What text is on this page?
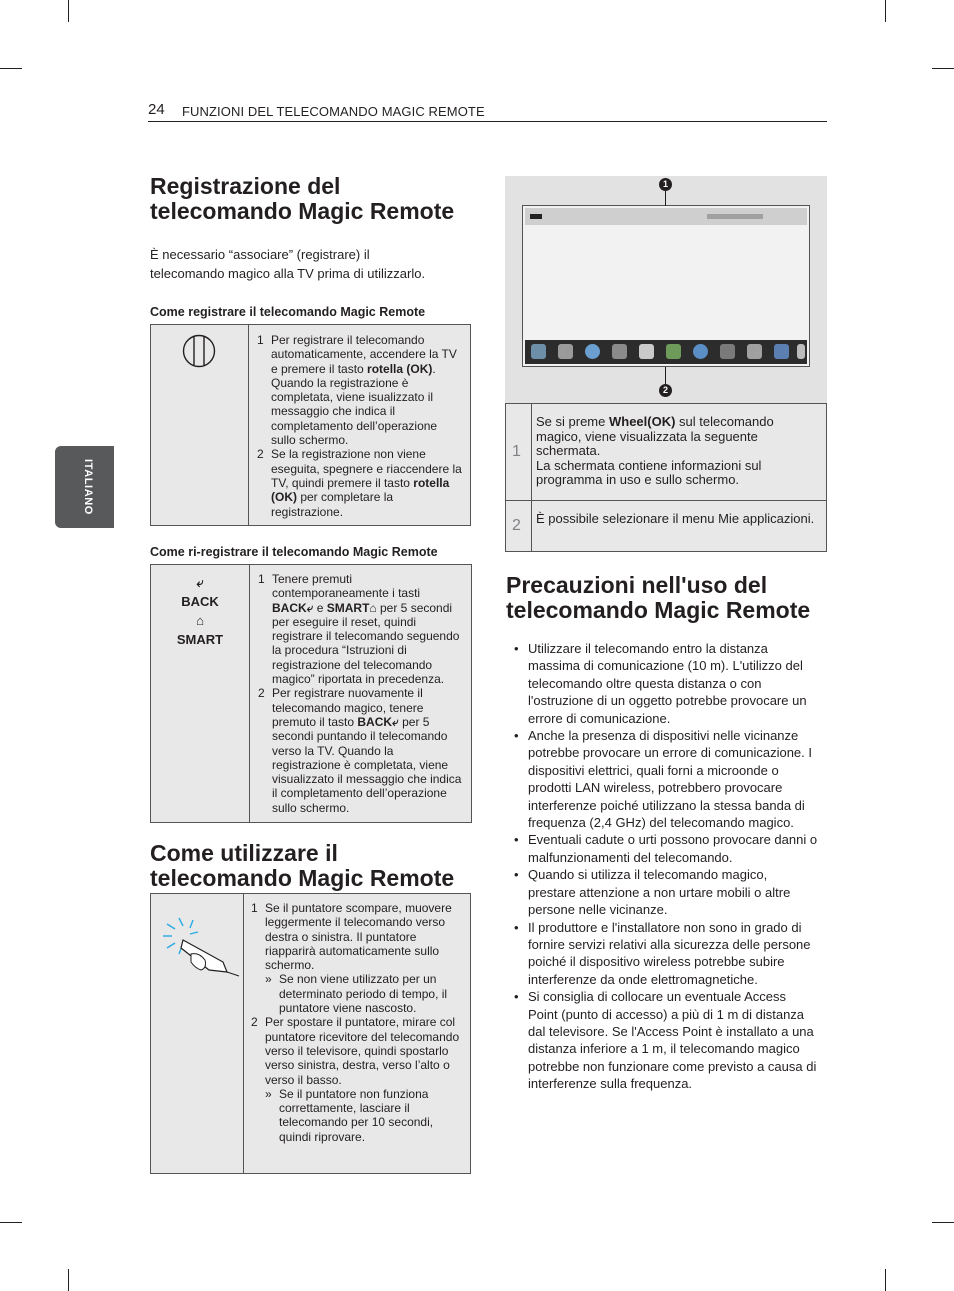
24 FUNZIONI DEL TELECOMANDO MAGIC REMOTE
ITALIANO
Registrazione del
telecomando Magic Remote
È necessario “associare” (registrare) il
telecomando magico alla TV prima di utilizzarlo.

Come registrare il telecomando Magic Remote

1 Per registrare il telecomando automaticamente, accendere la TV e premere il tasto rotella (OK). Quando la registrazione è completata, viene isualizzato il messaggio che indica il completamento dell’operazione sullo schermo.
2 Se la registrazione non viene eseguita, spegnere e riaccendere la TV, quindi premere il tasto rotella (OK) per completare la registrazione.

Come ri-registrare il telecomando Magic Remote

⤶
BACK
⌂
SMART
1 Tenere premuti contemporaneamente i tasti BACK⤶ e SMART⌂ per 5 secondi per eseguire il reset, quindi registrare il telecomando seguendo la procedura “Istruzioni di registrazione del telecomando magico” riportata in precedenza.
2 Per registrare nuovamente il telecomando magico, tenere premuto il tasto BACK⤶ per 5 secondi puntando il telecomando verso la TV. Quando la registrazione è completata, viene visualizzato il messaggio che indica il completamento dell’operazione sullo schermo.
Come utilizzare il
telecomando Magic Remote
1 Se il puntatore scompare, muovere leggermente il telecomando verso destra o sinistra. Il puntatore riapparirà automaticamente sullo schermo.
» Se non viene utilizzato per un determinato periodo di tempo, il puntatore viene nascosto.
2 Per spostare il puntatore, mirare col puntatore ricevitore del telecomando verso il televisore, quindi spostarlo verso sinistra, destra, verso l’alto o verso il basso.
» Se il puntatore non funziona correttamente, lasciare il telecomando per 10 secondi, quindi riprovare.
1
2
1
Se si preme Wheel(OK) sul telecomando magico, viene visualizzata la seguente schermata.
La schermata contiene informazioni sul programma in uso e sullo schermo.
2 È possibile selezionare il menu Mie applicazioni.
Precauzioni nell'uso del
telecomando Magic Remote
• Utilizzare il telecomando entro la distanza massima di comunicazione (10 m). L'utilizzo del telecomando oltre questa distanza o con l'ostruzione di un oggetto potrebbe provocare un errore di comunicazione.
• Anche la presenza di dispositivi nelle vicinanze potrebbe provocare un errore di comunicazione. I dispositivi elettrici, quali forni a microonde o prodotti LAN wireless, potrebbero provocare interferenze poiché utilizzano la stessa banda di frequenza (2,4 GHz) del telecomando magico.
• Eventuali cadute o urti possono provocare danni o malfunzionamenti del telecomando.
• Quando si utilizza il telecomando magico, prestare attenzione a non urtare mobili o altre persone nelle vicinanze.
• Il produttore e l'installatore non sono in grado di fornire servizi relativi alla sicurezza delle persone poiché il dispositivo wireless potrebbe subire interferenze da onde elettromagnetiche.
• Si consiglia di collocare un eventuale Access Point (punto di accesso) a più di 1 m di distanza dal televisore. Se l'Access Point è installato a una distanza inferiore a 1 m, il telecomando magico potrebbe non funzionare come previsto a causa di interferenze sulla frequenza.
